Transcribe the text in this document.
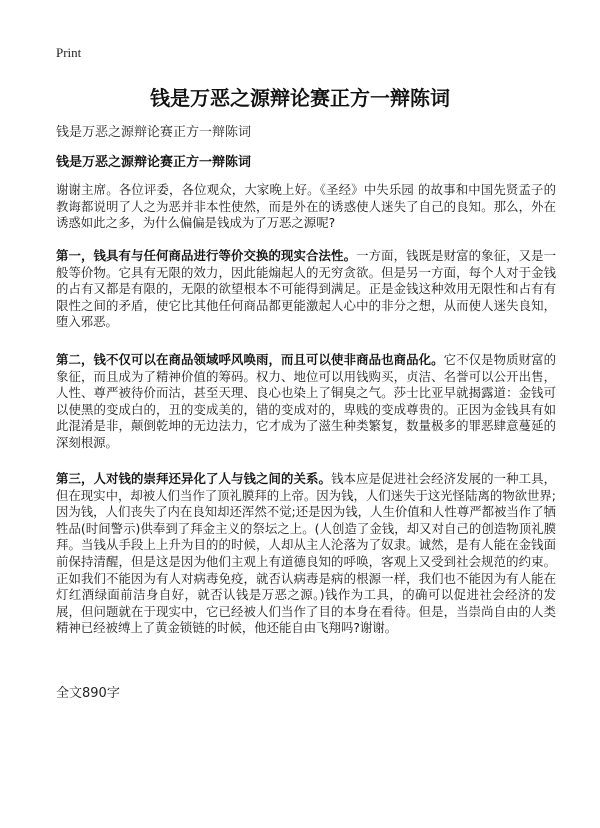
Print
钱是万恶之源辩论赛正方一辩陈词
钱是万恶之源辩论赛正方一辩陈词
钱是万恶之源辩论赛正方一辩陈词
谢谢主席。各位评委，各位观众，大家晚上好。《圣经》中失乐园 的故事和中国先贤孟子的教诲都说明了人之为恶并非本性使然，而是外在的诱惑使人迷失了自己的良知。那么，外在诱惑如此之多，为什么偏偏是钱成为了万恶之源呢?
第一，钱具有与任何商品进行等价交换的现实合法性。一方面，钱既是财富的象征，又是一般等价物。它具有无限的效力，因此能煽起人的无穷贪欲。但是另一方面，每个人对于金钱的占有又都是有限的，无限的欲望根本不可能得到满足。正是金钱这种效用无限性和占有有限性之间的矛盾，使它比其他任何商品都更能激起人心中的非分之想，从而使人迷失良知，堕入邪恶。
第二，钱不仅可以在商品领域呼风唤雨，而且可以使非商品也商品化。它不仅是物质财富的象征，而且成为了精神价值的筹码。权力、地位可以用钱购买，贞洁、名誉可以公开出售，人性、尊严被待价而沽，甚至天理、良心也染上了铜臭之气。莎士比亚早就揭露道：金钱可以使黑的变成白的，丑的变成美的，错的变成对的，卑贱的变成尊贵的。正因为金钱具有如此混淆是非，颠倒乾坤的无边法力，它才成为了滋生种类繁复，数量极多的罪恶肆意蔓延的深刻根源。
第三，人对钱的崇拜还异化了人与钱之间的关系。钱本应是促进社会经济发展的一种工具，但在现实中，却被人们当作了顶礼膜拜的上帝。因为钱，人们迷失于这光怪陆离的物欲世界;因为钱，人们丧失了内在良知却还浑然不觉;还是因为钱，人生价值和人性尊严都被当作了牺牲品(时间警示)供奉到了拜金主义的祭坛之上。(人创造了金钱，却又对自己的创造物顶礼膜拜。当钱从手段上上升为目的的时候，人却从主人沦落为了奴隶。诚然，是有人能在金钱面前保持清醒，但是这是因为他们主观上有道德良知的呼唤，客观上又受到社会规范的约束。正如我们不能因为有人对病毒免疫，就否认病毒是病的根源一样，我们也不能因为有人能在灯红酒绿面前洁身自好，就否认钱是万恶之源。)钱作为工具，的确可以促进社会经济的发展，但问题就在于现实中，它已经被人们当作了目的本身在看待。但是，当崇尚自由的人类精神已经被缚上了黄金锁链的时候，他还能自由飞翔吗?谢谢。
全文890字
